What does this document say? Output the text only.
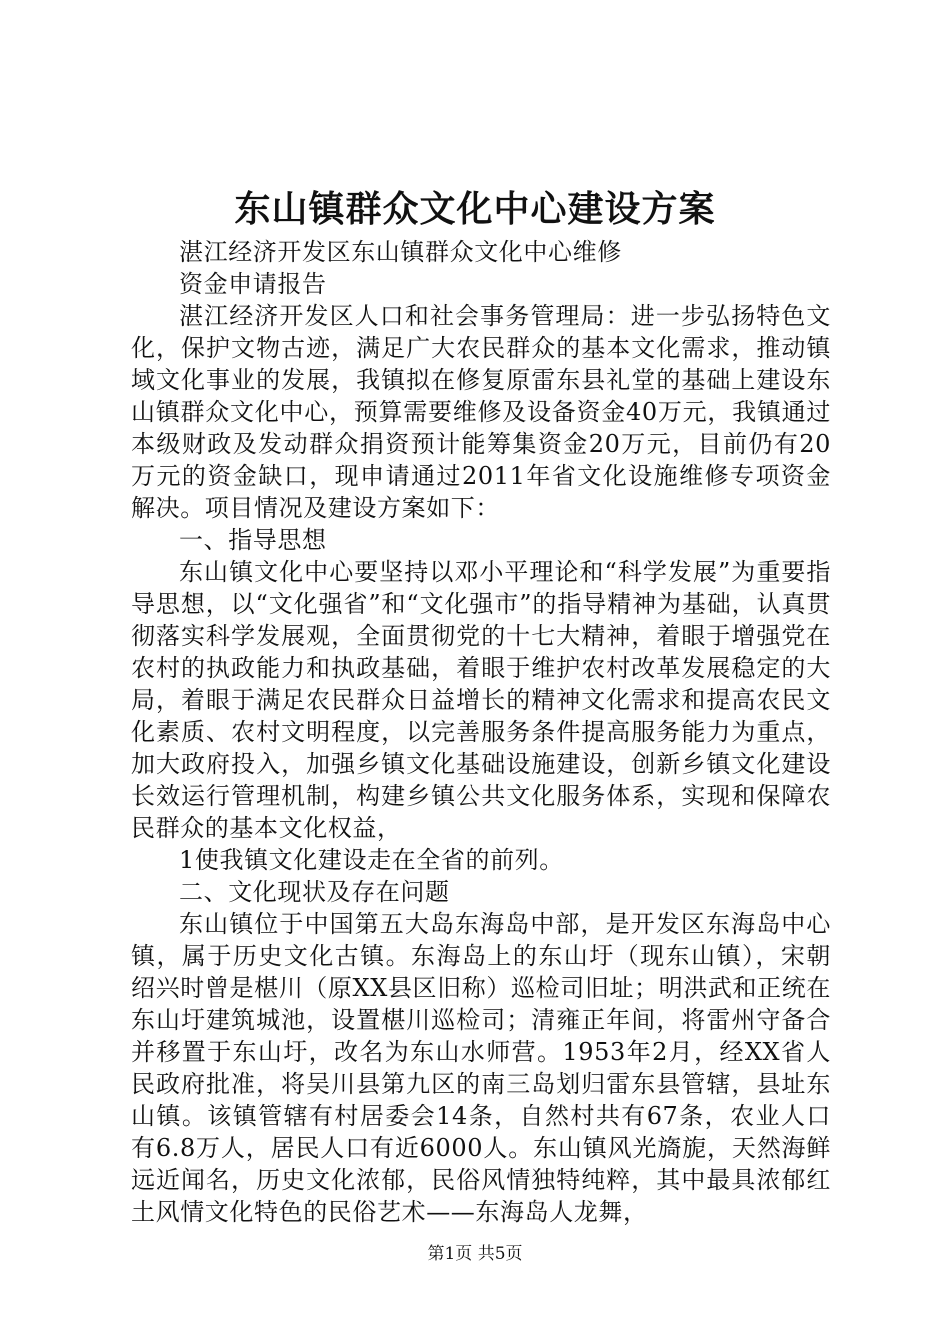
东山镇群众文化中心建设方案

湛江经济开发区东山镇群众文化中心维修

资金申请报告

湛江经济开发区人口和社会事务管理局：进一步弘扬特色文化，保护文物古迹，满足广大农民群众的基本文化需求，推动镇域文化事业的发展，我镇拟在修复原雷东县礼堂的基础上建设东山镇群众文化中心，预算需要维修及设备资金40万元，我镇通过本级财政及发动群众捐资预计能筹集资金20万元，目前仍有20万元的资金缺口，现申请通过2011年省文化设施维修专项资金解决。项目情况及建设方案如下：

一、指导思想

东山镇文化中心要坚持以邓小平理论和“科学发展”为重要指导思想，以“文化强省”和“文化强市”的指导精神为基础，认真贯彻落实科学发展观，全面贯彻党的十七大精神，着眼于增强党在农村的执政能力和执政基础，着眼于维护农村改革发展稳定的大局，着眼于满足农民群众日益增长的精神文化需求和提高农民文化素质、农村文明程度，以完善服务条件提高服务能力为重点，加大政府投入，加强乡镇文化基础设施建设，创新乡镇文化建设长效运行管理机制，构建乡镇公共文化服务体系，实现和保障农民群众的基本文化权益，

1使我镇文化建设走在全省的前列。

二、文化现状及存在问题

东山镇位于中国第五大岛东海岛中部，是开发区东海岛中心镇，属于历史文化古镇。东海岛上的东山圩（现东山镇），宋朝绍兴时曾是椹川（原XX县区旧称）巡检司旧址；明洪武和正统在东山圩建筑城池，设置椹川巡检司；清雍正年间，将雷州守备合并移置于东山圩，改名为东山水师营。1953年2月，经XX省人民政府批准，将吴川县第九区的南三岛划归雷东县管辖，县址东山镇。该镇管辖有村居委会14条，自然村共有67条，农业人口有6.8万人，居民人口有近6000人。东山镇风光旖旎，天然海鲜远近闻名，历史文化浓郁，民俗风情独特纯粹，其中最具浓郁红土风情文化特色的民俗艺术——东海岛人龙舞，

第1页 共5页
